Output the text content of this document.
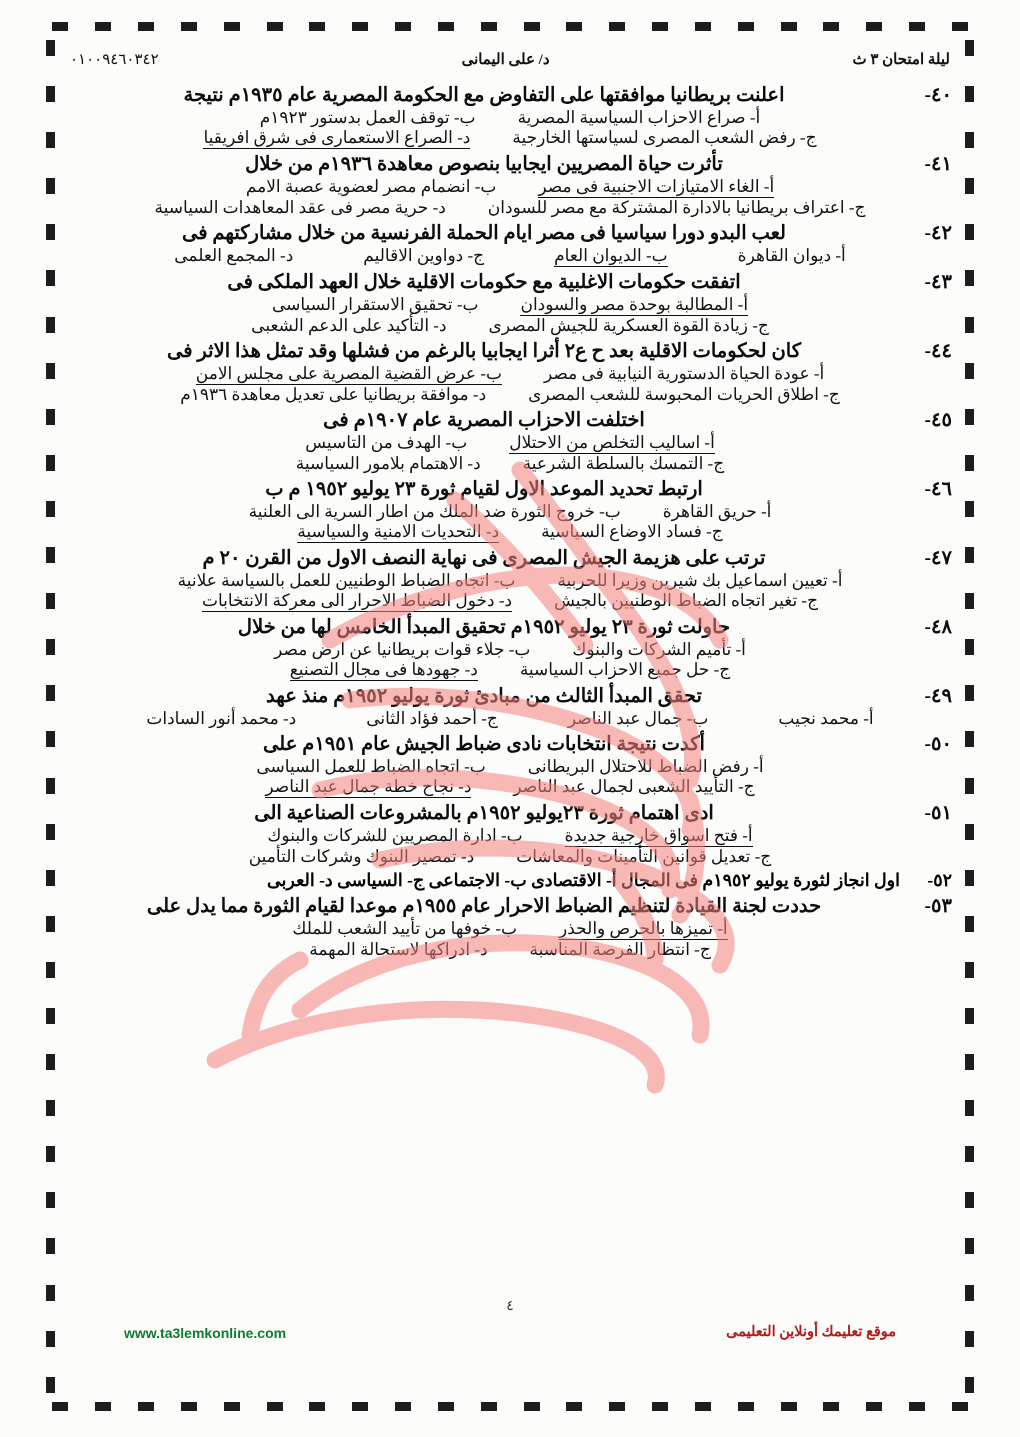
ليلة امتحان ٣ ث
د/ على اليمانى
٠١٠٠٩٤٦٠٣٤٢
٤٠-
اعلنت بريطانيا موافقتها على التفاوض مع الحكومة المصرية عام ١٩٣٥م نتيجة
أ- صراع الاحزاب السياسية المصرية
ب- توقف العمل بدستور ١٩٢٣م
ج- رفض الشعب المصرى لسياستها الخارجية
د- الصراع الاستعمارى فى شرق افريقيا
٤١-
تأثرت حياة المصريين ايجابيا بنصوص معاهدة ١٩٣٦م من خلال
أ- الغاء الامتيازات الاجنبية فى مصر
ب- انضمام مصر لعضوية عصبة الامم
ج- اعتراف بريطانيا بالادارة المشتركة مع مصر للسودان
د- حرية مصر فى عقد المعاهدات السياسية
٤٢-
لعب البدو دورا سياسيا فى مصر ايام الحملة الفرنسية من خلال مشاركتهم فى
أ- ديوان القاهرة
ب- الديوان العام
ج- دواوين الاقاليم
د- المجمع العلمى
٤٣-
اتفقت حكومات الاغلبية مع حكومات الاقلية خلال العهد الملكى فى
أ- المطالبة بوحدة مصر والسودان
ب- تحقيق الاستقرار السياسى
ج- زيادة القوة العسكرية للجيش المصرى
د- التأكيد على الدعم الشعبى
٤٤-
كان لحكومات الاقلية بعد ح ع٢ أثرا ايجابيا بالرغم من فشلها وقد تمثل هذا الاثر فى
أ- عودة الحياة الدستورية النيابية فى مصر
ب- عرض القضية المصرية على مجلس الامن
ج- اطلاق الحريات المحبوسة للشعب المصرى
د- موافقة بريطانيا على تعديل معاهدة ١٩٣٦م
٤٥-
اختلفت الاحزاب المصرية عام ١٩٠٧م فى
أ- اساليب التخلص من الاحتلال
ب- الهدف من التاسيس
ج- التمسك بالسلطة الشرعية
د- الاهتمام بلامور السياسية
٤٦-
ارتبط تحديد الموعد الاول لقيام ثورة ٢٣ يوليو ١٩٥٢ م ب
أ- حريق القاهرة
ب- خروج الثورة ضد الملك من اطار السرية الى العلنية
ج- فساد الاوضاع السياسية
د- التحديات الامنية والسياسية
٤٧-
ترتب على هزيمة الجيش المصرى فى نهاية النصف الاول من القرن ٢٠ م
أ- تعيين اسماعيل بك شيرين وزيرا للحربية
ب- اتجاه الضباط الوطنيين للعمل بالسياسة علانية
ج- تغير اتجاه الضباط الوطنيين بالجيش
د- دخول الضباط الاحرار الى معركة الانتخابات
٤٨-
حاولت ثورة ٢٣ يوليو ١٩٥٢م تحقيق المبدأ الخامس لها من خلال
أ- تأميم الشركات والبنوك
ب- جلاء قوات بريطانيا عن ارض مصر
ج- حل جميع الاحزاب السياسية
د- جهودها فى مجال التصنيع
٤٩-
تحقق المبدأ الثالث من مبادئ ثورة يوليو ١٩٥٢م منذ عهد
أ- محمد نجيب
ب- جمال عبد الناصر
ج- أحمد فؤاد الثانى
د- محمد أنور السادات
٥٠-
أكدت نتيجة انتخابات نادى ضباط الجيش عام ١٩٥١م على
أ- رفض الضباط للاحتلال البريطانى
ب- اتجاه الضباط للعمل السياسى
ج- التأييد الشعبى لجمال عبد الناصر
د- نجاح خطة جمال عبد الناصر
٥١-
ادى اهتمام ثورة ٢٣يوليو ١٩٥٢م بالمشروعات الصناعية الى
أ- فتح اسواق خارجية جديدة
ب- ادارة المصريين للشركات والبنوك
ج- تعديل قوانين التأمينات والمعاشات
د- تمصير البنوك وشركات التأمين
٥٢-
اول انجاز لثورة يوليو ١٩٥٢م فى المجال أ- الاقتصادى ب- الاجتماعى ج- السياسى د- العربى
٥٣-
حددت لجنة القيادة لتنظيم الضباط الاحرار عام ١٩٥٥م موعدا لقيام الثورة مما يدل على
أ- تميزها بالحرص والحذر
ب- خوفها من تأييد الشعب للملك
ج- انتظار الفرصة المناسبة
د- ادراكها لاستحالة المهمة
٤
موقع تعليمك أونلاين التعليمى
www.ta3lemkonline.com
